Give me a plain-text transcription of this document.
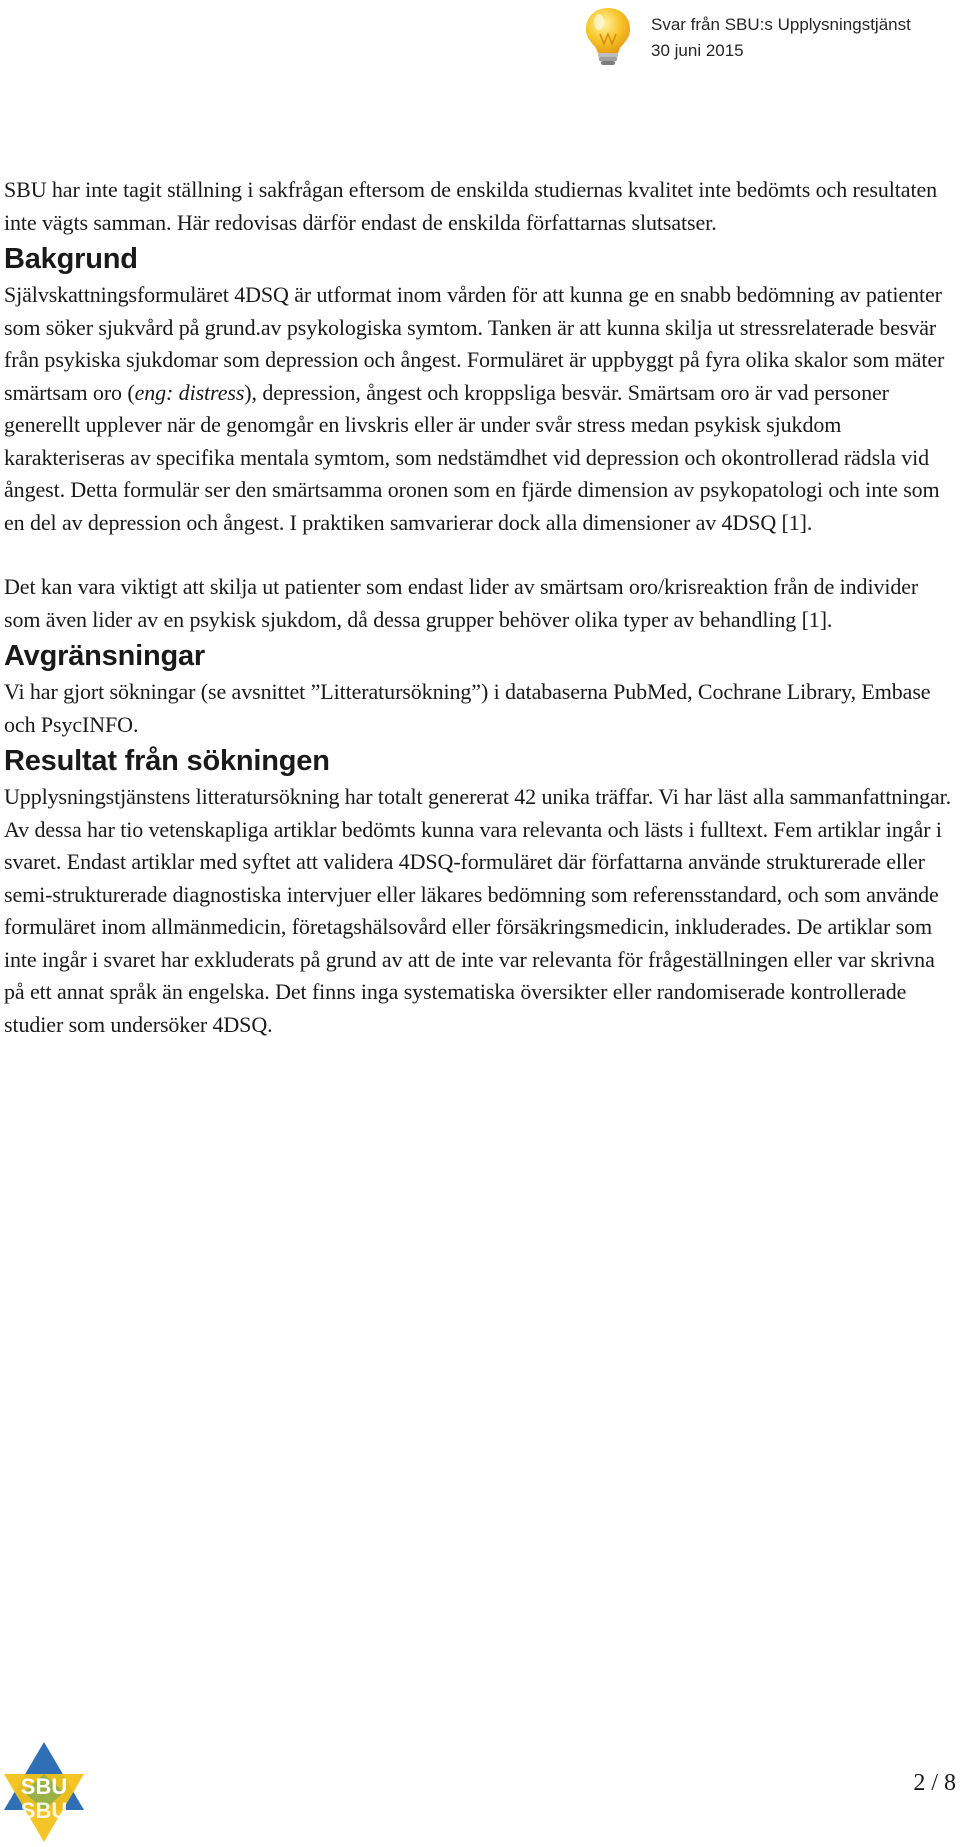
Svar från SBU:s Upplysningstjänst
30 juni 2015

SBU har inte tagit ställning i sakfrågan eftersom de enskilda studiernas kvalitet inte bedömts och resultaten inte vägts samman. Här redovisas därför endast de enskilda författarnas slutsatser.

Bakgrund

Självskattningsformuläret 4DSQ är utformat inom vården för att kunna ge en snabb bedömning av patienter som söker sjukvård på grund.av psykologiska symtom. Tanken är att kunna skilja ut stressrelaterade besvär från psykiska sjukdomar som depression och ångest. Formuläret är uppbyggt på fyra olika skalor som mäter smärtsam oro (eng: distress), depression, ångest och kroppsliga besvär. Smärtsam oro är vad personer generellt upplever när de genomgår en livskris eller är under svår stress medan psykisk sjukdom karakteriseras av specifika mentala symtom, som nedstämdhet vid depression och okontrollerad rädsla vid ångest. Detta formulär ser den smärtsamma oronen som en fjärde dimension av psykopatologi och inte som en del av depression och ångest. I praktiken samvarierar dock alla dimensioner av 4DSQ [1].

Det kan vara viktigt att skilja ut patienter som endast lider av smärtsam oro/krisreaktion från de individer som även lider av en psykisk sjukdom, då dessa grupper behöver olika typer av behandling [1].

Avgränsningar

Vi har gjort sökningar (se avsnittet ”Litteratursökning”) i databaserna PubMed, Cochrane Library, Embase och PsycINFO.

Resultat från sökningen

Upplysningstjänstens litteratursökning har totalt genererat 42 unika träffar. Vi har läst alla sammanfattningar. Av dessa har tio vetenskapliga artiklar bedömts kunna vara relevanta och lästs i fulltext. Fem artiklar ingår i svaret. Endast artiklar med syftet att validera 4DSQ-formuläret där författarna använde strukturerade eller semi-strukturerade diagnostiska intervjuer eller läkares bedömning som referensstandard, och som använde formuläret inom allmänmedicin, företagshälsovård eller försäkringsmedicin, inkluderades. De artiklar som inte ingår i svaret har exkluderats på grund av att de inte var relevanta för frågeställningen eller var skrivna på ett annat språk än engelska. Det finns inga systematiska översikter eller randomiserade kontrollerade studier som undersöker 4DSQ.

SBU
SBU
2 / 8
